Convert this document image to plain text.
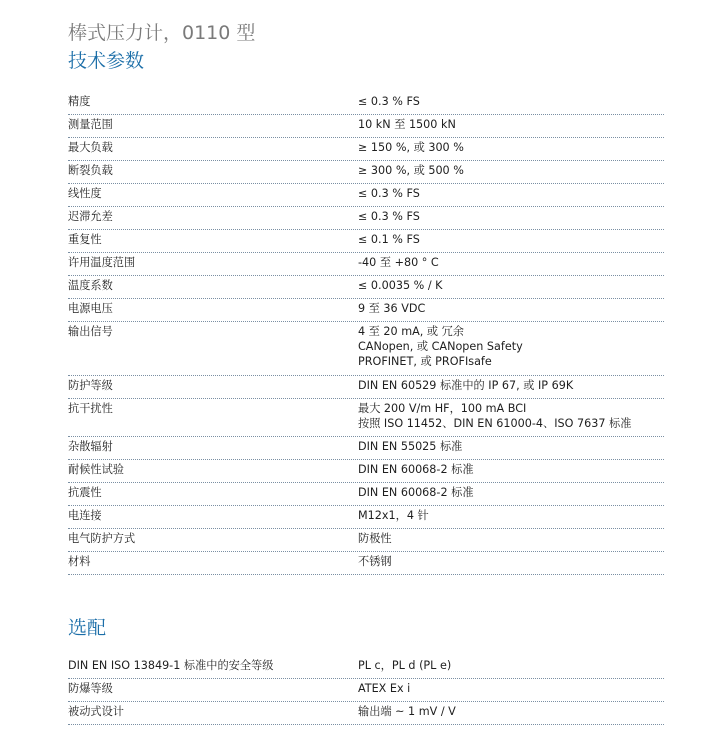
棒式压力计，0110 型
技术参数
精度	≤ 0.3 % FS
测量范围	10 kN 至 1500 kN
最大负载	≥ 150 %, 或 300 %
断裂负载	≥ 300 %, 或 500 %
线性度	≤ 0.3 % FS
迟滞允差	≤ 0.3 % FS
重复性	≤ 0.1 % FS
许用温度范围	-40 至 +80 ° C
温度系数	≤ 0.0035 % / K
电源电压	9 至 36 VDC
输出信号	4 至 20 mA, 或 冗余
CANopen, 或 CANopen Safety
PROFINET, 或 PROFIsafe
防护等级	DIN EN 60529 标准中的 IP 67, 或 IP 69K
抗干扰性	最大 200 V/m HF，100 mA BCI
按照 ISO 11452、DIN EN 61000-4、ISO 7637 标准
杂散辐射	DIN EN 55025 标准
耐候性试验	DIN EN 60068-2 标准
抗震性	DIN EN 60068-2 标准
电连接	M12x1，4 针
电气防护方式	防极性
材料	不锈钢
选配
DIN EN ISO 13849-1 标准中的安全等级	PL c，PL d (PL e)
防爆等级	ATEX Ex i
被动式设计	输出端 ~ 1 mV / V
